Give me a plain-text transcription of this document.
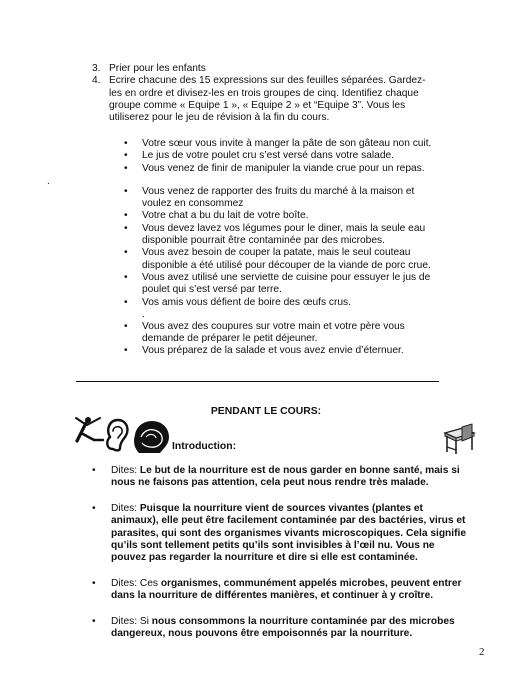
3. Prier pour les enfants
4. Ecrire chacune des 15 expressions sur des feuilles séparées. Gardez-les en ordre et divisez-les en trois groupes de cinq. Identifiez chaque groupe comme « Equipe 1 », « Equipe 2 » et “Equipe 3”. Vous les utiliserez pour le jeu de révision à la fin du cours.
• Votre sœur vous invite à manger la pâte de son gâteau non cuit.
• Le jus de votre poulet cru s’est versé dans votre salade.
• Vous venez de finir de manipuler la viande crue pour un repas.
• Vous venez de rapporter des fruits du marché à la maison et voulez en consommez
• Votre chat a bu du lait de votre boîte.
• Vous devez lavez vos légumes pour le diner, mais la seule eau disponible pourrait être contaminée par des microbes.
• Vous avez besoin de couper la patate, mais le seul couteau disponible a été utilisé pour découper de la viande de porc crue.
• Vous avez utilisé une serviette de cuisine pour essuyer le jus de poulet qui s’est versé par terre.
• Vos amis vous défient de boire des œufs crus.
.
• Vous avez des coupures sur votre main et votre père vous demande de préparer le petit déjeuner.
• Vous préparez de la salade et vous avez envie d’éternuer.
.
PENDANT LE COURS:
Introduction:
• Dites: Le but de la nourriture est de nous garder en bonne santé, mais si nous ne faisons pas attention, cela peut nous rendre très malade.
• Dites: Puisque la nourriture vient de sources vivantes (plantes et animaux), elle peut être facilement contaminée par des bactéries, virus et parasites, qui sont des organismes vivants microscopiques. Cela signifie qu’ils sont tellement petits qu’ils sont invisibles à l’œil nu. Vous ne pouvez pas regarder la nourriture et dire si elle est contaminée.
• Dites: Ces organismes, communément appelés microbes, peuvent entrer dans la nourriture de différentes manières, et continuer à y croître.
• Dites: Si nous consommons la nourriture contaminée par des microbes dangereux, nous pouvons être empoisonnés par la nourriture.
2
